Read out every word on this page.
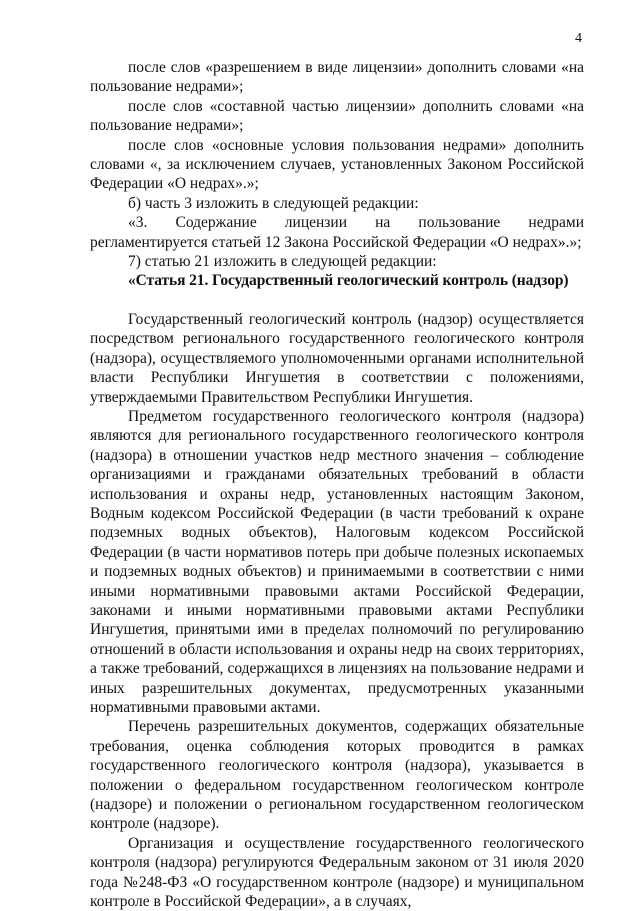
4

после слов «разрешением в виде лицензии» дополнить словами «на пользование недрами»;

после слов «составной частью лицензии» дополнить словами «на пользование недрами»;

после слов «основные условия пользования недрами» дополнить словами «, за исключением случаев, установленных Законом Российской Федерации «О недрах».»;

б) часть 3 изложить в следующей редакции:

«3. Содержание лицензии на пользование недрами регламентируется статьей 12 Закона Российской Федерации «О недрах».»;

7) статью 21 изложить в следующей редакции:

«Статья 21. Государственный геологический контроль (надзор)

Государственный геологический контроль (надзор) осуществляется посредством регионального государственного геологического контроля (надзора), осуществляемого уполномоченными органами исполнительной власти Республики Ингушетия в соответствии с положениями, утверждаемыми Правительством Республики Ингушетия.

Предметом государственного геологического контроля (надзора) являются для регионального государственного геологического контроля (надзора) в отношении участков недр местного значения – соблюдение организациями и гражданами обязательных требований в области использования и охраны недр, установленных настоящим Законом, Водным кодексом Российской Федерации (в части требований к охране подземных водных объектов), Налоговым кодексом Российской Федерации (в части нормативов потерь при добыче полезных ископаемых и подземных водных объектов) и принимаемыми в соответствии с ними иными нормативными правовыми актами Российской Федерации, законами и иными нормативными правовыми актами Республики Ингушетия, принятыми ими в пределах полномочий по регулированию отношений в области использования и охраны недр на своих территориях, а также требований, содержащихся в лицензиях на пользование недрами и иных разрешительных документах, предусмотренных указанными нормативными правовыми актами.

Перечень разрешительных документов, содержащих обязательные требования, оценка соблюдения которых проводится в рамках государственного геологического контроля (надзора), указывается в положении о федеральном государственном геологическом контроле (надзоре) и положении о региональном государственном геологическом контроле (надзоре).

Организация и осуществление государственного геологического контроля (надзора) регулируются Федеральным законом от 31 июля 2020 года №248-ФЗ «О государственном контроле (надзоре) и муниципальном контроле в Российской Федерации», а в случаях,
